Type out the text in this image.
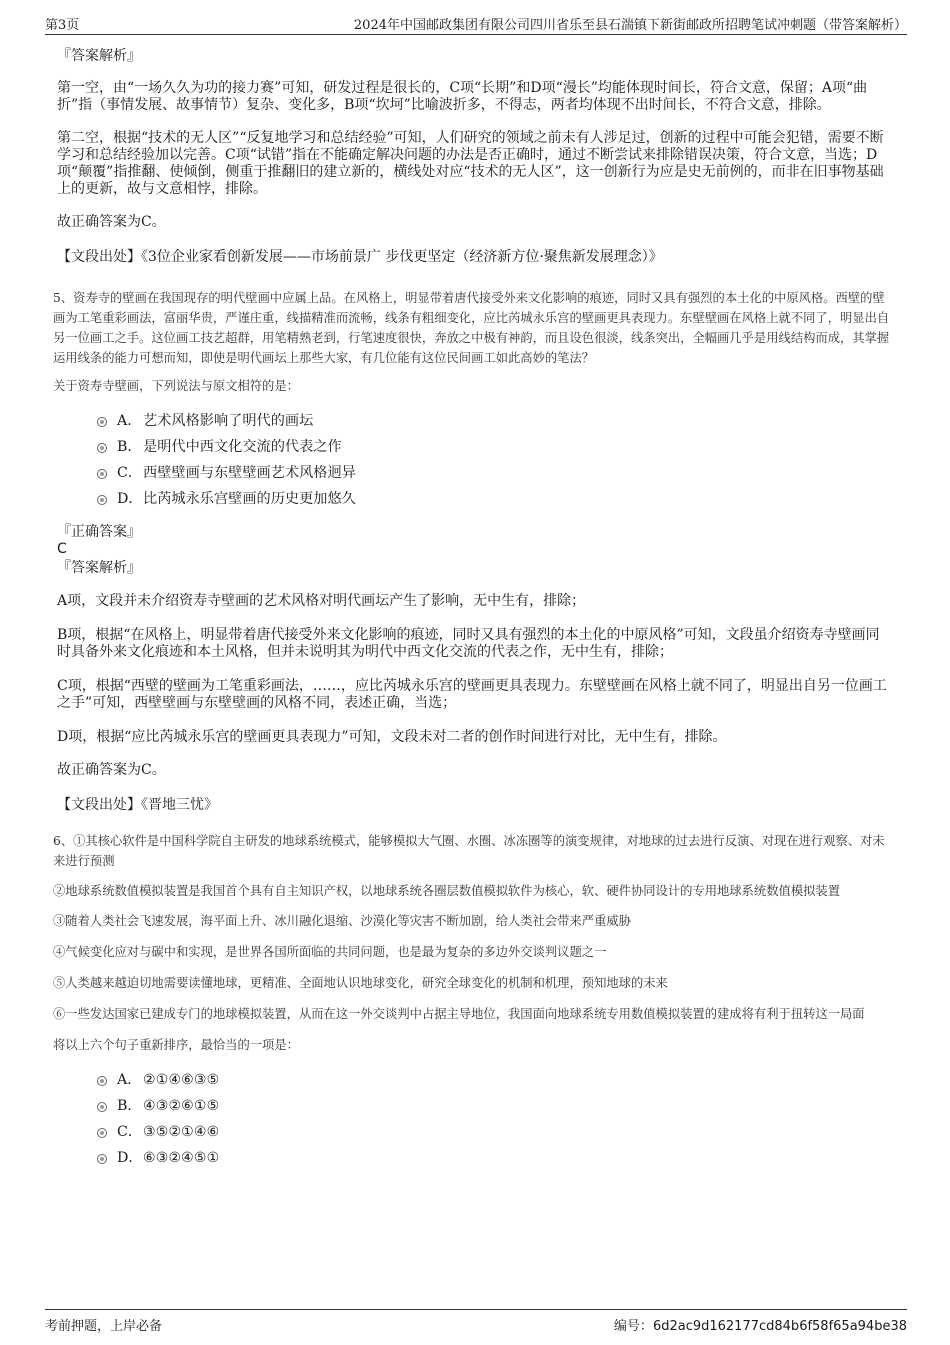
第3页	2024年中国邮政集团有限公司四川省乐至县石湍镇下新街邮政所招聘笔试冲刺题（带答案解析）

『答案解析』

第一空，由“一场久久为功的接力赛”可知，研发过程是很长的，C项“长期”和D项“漫长”均能体现时间长，符合文意，保留；A项“曲折”指（事情发展、故事情节）复杂、变化多，B项“坎坷”比喻波折多，不得志，两者均体现不出时间长，不符合文意，排除。

第二空，根据“技术的无人区”“反复地学习和总结经验”可知，人们研究的领域之前未有人涉足过，创新的过程中可能会犯错，需要不断学习和总结经验加以完善。C项“试错”指在不能确定解决问题的办法是否正确时，通过不断尝试来排除错误决策，符合文意，当选；D项“颠覆”指推翻、使倾倒，侧重于推翻旧的建立新的，横线处对应“技术的无人区”，这一创新行为应是史无前例的，而非在旧事物基础上的更新，故与文意相悖，排除。

故正确答案为C。

【文段出处】《3位企业家看创新发展——市场前景广 步伐更坚定（经济新方位·聚焦新发展理念）》

5、资寿寺的壁画在我国现存的明代壁画中应属上品。在风格上，明显带着唐代接受外来文化影响的痕迹，同时又具有强烈的本土化的中原风格。西壁的壁画为工笔重彩画法，富丽华贵，严谨庄重，线描精准而流畅，线条有粗细变化，应比芮城永乐宫的壁画更具表现力。东壁壁画在风格上就不同了，明显出自另一位画工之手。这位画工技艺超群，用笔精熟老到，行笔速度很快，奔放之中极有神韵，而且设色很淡，线条突出，全幅画几乎是用线结构而成，其掌握运用线条的能力可想而知，即使是明代画坛上那些大家，有几位能有这位民间画工如此高妙的笔法？

关于资寿寺壁画，下列说法与原文相符的是：

A． 艺术风格影响了明代的画坛
B．是明代中西文化交流的代表之作
C．西壁壁画与东壁壁画艺术风格迥异
D．比芮城永乐宫壁画的历史更加悠久

『正确答案』

C

『答案解析』

A项，文段并未介绍资寿寺壁画的艺术风格对明代画坛产生了影响，无中生有，排除；

B项，根据“在风格上，明显带着唐代接受外来文化影响的痕迹，同时又具有强烈的本土化的中原风格”可知，文段虽介绍资寿寺壁画同时具备外来文化痕迹和本土风格，但并未说明其为明代中西文化交流的代表之作，无中生有，排除；

C项，根据“西壁的壁画为工笔重彩画法，……，应比芮城永乐宫的壁画更具表现力。东壁壁画在风格上就不同了，明显出自另一位画工之手”可知，西壁壁画与东壁壁画的风格不同，表述正确，当选；

D项，根据“应比芮城永乐宫的壁画更具表现力”可知，文段未对二者的创作时间进行对比，无中生有，排除。

故正确答案为C。

【文段出处】《晋地三忧》

6、①其核心软件是中国科学院自主研发的地球系统模式，能够模拟大气圈、水圈、冰冻圈等的演变规律，对地球的过去进行反演、对现在进行观察、对未来进行预测

②地球系统数值模拟装置是我国首个具有自主知识产权，以地球系统各圈层数值模拟软件为核心，软、硬件协同设计的专用地球系统数值模拟装置

③随着人类社会飞速发展，海平面上升、冰川融化退缩、沙漠化等灾害不断加剧，给人类社会带来严重威胁

④气候变化应对与碳中和实现，是世界各国所面临的共同问题，也是最为复杂的多边外交谈判议题之一

⑤人类越来越迫切地需要读懂地球，更精准、全面地认识地球变化，研究全球变化的机制和机理，预知地球的未来

⑥一些发达国家已建成专门的地球模拟装置，从而在这一外交谈判中占据主导地位，我国面向地球系统专用数值模拟装置的建成将有利于扭转这一局面

将以上六个句子重新排序，最恰当的一项是：

A． ②①④⑥③⑤
B．④③②⑥①⑤
C．③⑤②①④⑥
D．⑥③②④⑤①
考前押题，上岸必备	编号：6d2ac9d162177cd84b6f58f65a94be38
